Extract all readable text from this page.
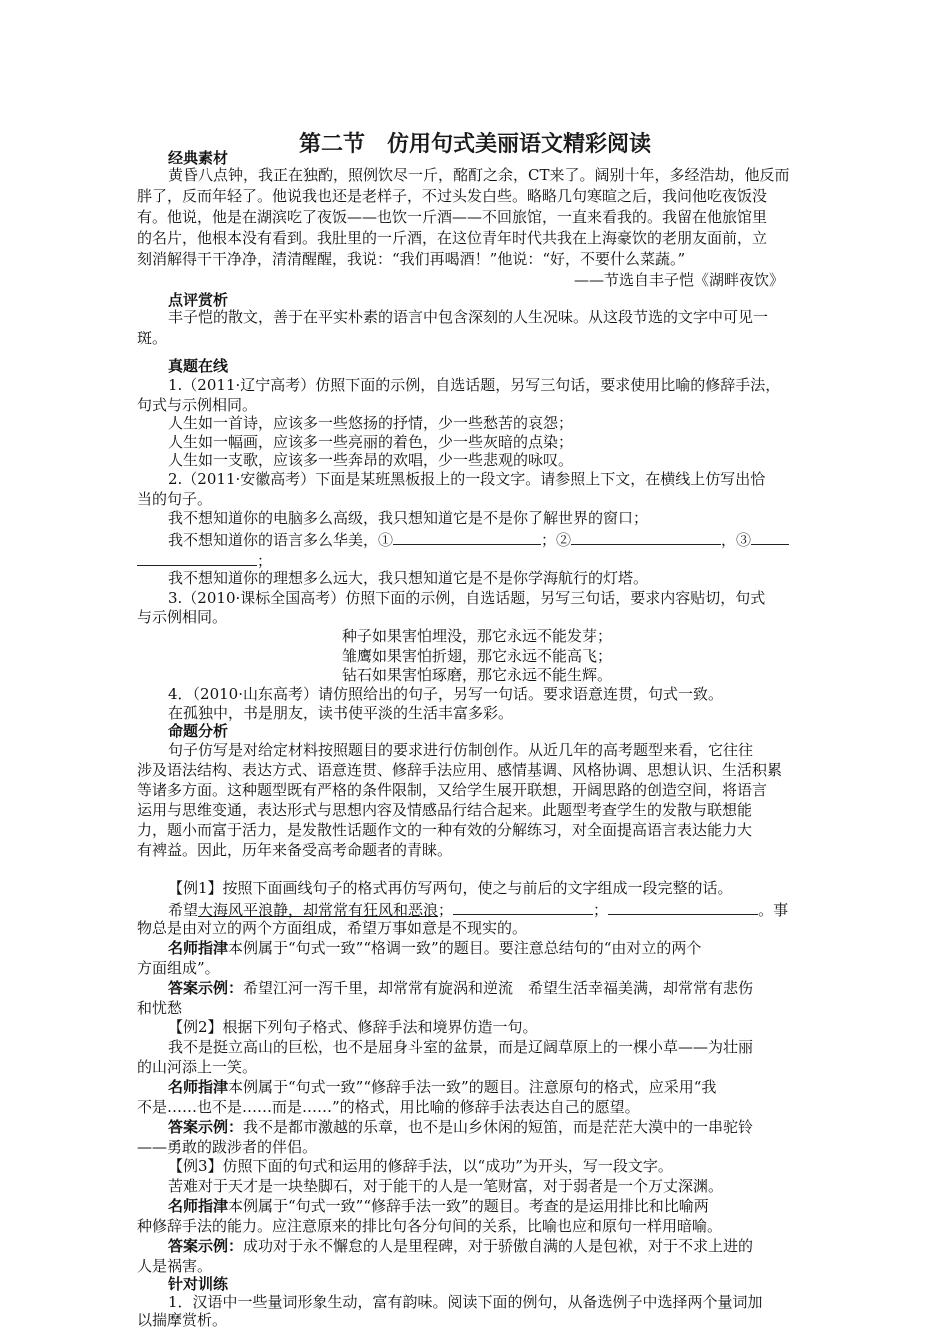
第二节　仿用句式美丽语文精彩阅读
经典素材
黄昏八点钟，我正在独酌，照例饮尽一斤，酩酊之余，CT来了。阔别十年，多经浩劫，他反而
胖了，反而年轻了。他说我也还是老样子，不过头发白些。略略几句寒暄之后，我问他吃夜饭没
有。他说，他是在湖滨吃了夜饭——也饮一斤酒——不回旅馆，一直来看我的。我留在他旅馆里
的名片，他根本没有看到。我肚里的一斤酒，在这位青年时代共我在上海豪饮的老朋友面前，立
刻消解得干干净净，清清醒醒，我说：“我们再喝酒！”他说：“好，不要什么菜蔬。”
——节选自丰子恺《湖畔夜饮》
点评赏析
丰子恺的散文，善于在平实朴素的语言中包含深刻的人生况味。从这段节选的文字中可见一
斑。
真题在线
1.（2011·辽宁高考）仿照下面的示例，自选话题，另写三句话，要求使用比喻的修辞手法，
句式与示例相同。
人生如一首诗，应该多一些悠扬的抒情，少一些愁苦的哀怨；
人生如一幅画，应该多一些亮丽的着色，少一些灰暗的点染；
人生如一支歌，应该多一些奔昂的欢唱，少一些悲观的咏叹。
2.（2011·安徽高考）下面是某班黑板报上的一段文字。请参照上下文，在横线上仿写出恰
当的句子。
我不想知道你的电脑多么高级，我只想知道它是不是你了解世界的窗口；
我不想知道你的语言多么华美，①	；②	，③
；
我不想知道你的理想多么远大，我只想知道它是不是你学海航行的灯塔。
3.（2010·课标全国高考）仿照下面的示例，自选话题，另写三句话，要求内容贴切，句式
与示例相同。
种子如果害怕埋没，那它永远不能发芽；
雏鹰如果害怕折翅，那它永远不能高飞；
钻石如果害怕琢磨，那它永远不能生辉。
4．（2010·山东高考）请仿照给出的句子，另写一句话。要求语意连贯，句式一致。
在孤独中，书是朋友，读书使平淡的生活丰富多彩。
命题分析
句子仿写是对给定材料按照题目的要求进行仿制创作。从近几年的高考题型来看，它往往
涉及语法结构、表达方式、语意连贯、修辞手法应用、感情基调、风格协调、思想认识、生活积累
等诸多方面。这种题型既有严格的条件限制，又给学生展开联想，开阔思路的创造空间，将语言
运用与思维变通，表达形式与思想内容及情感品行结合起来。此题型考查学生的发散与联想能
力，题小而富于活力，是发散性话题作文的一种有效的分解练习，对全面提高语言表达能力大
有裨益。因此，历年来备受高考命题者的青睐。
【例1】按照下面画线句子的格式再仿写两句，使之与前后的文字组成一段完整的话。
希望大海风平浪静，却常常有狂风和恶浪；	；	。事
物总是由对立的两个方面组成，希望万事如意是不现实的。
名师指津本例属于“句式一致”“格调一致”的题目。要注意总结句的“由对立的两个
方面组成”。
答案示例：希望江河一泻千里，却常常有旋涡和逆流　希望生活幸福美满，却常常有悲伤
和忧愁
【例2】根据下列句子格式、修辞手法和境界仿造一句。
我不是挺立高山的巨松，也不是屈身斗室的盆景，而是辽阔草原上的一棵小草——为壮丽
的山河添上一笑。
名师指津本例属于“句式一致”“修辞手法一致”的题目。注意原句的格式，应采用“我
不是……也不是……而是……”的格式，用比喻的修辞手法表达自己的愿望。
答案示例：我不是都市激越的乐章，也不是山乡休闲的短笛，而是茫茫大漠中的一串驼铃
——勇敢的跋涉者的伴侣。
【例3】仿照下面的句式和运用的修辞手法，以“成功”为开头，写一段文字。
苦难对于天才是一块垫脚石，对于能干的人是一笔财富，对于弱者是一个万丈深渊。
名师指津本例属于“句式一致”“修辞手法一致”的题目。考查的是运用排比和比喻两
种修辞手法的能力。应注意原来的排比句各分句间的关系，比喻也应和原句一样用暗喻。
答案示例：成功对于永不懈怠的人是里程碑，对于骄傲自满的人是包袱，对于不求上进的
人是祸害。
针对训练
1．汉语中一些量词形象生动，富有韵味。阅读下面的例句，从备选例子中选择两个量词加
以揣摩赏析。
